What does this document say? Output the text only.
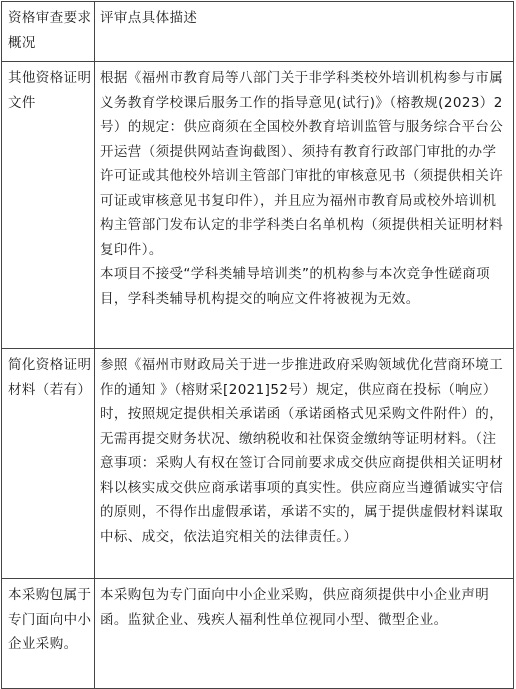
资格审查要求概况	评审点具体描述
其他资格证明文件	根据《福州市教育局等八部门关于非学科类校外培训机构参与市属义务教育学校课后服务工作的指导意见(试行)》（榕教规(2023）2号）的规定：供应商须在全国校外教育培训监管与服务综合平台公开运营（须提供网站查询截图）、须持有教育行政部门审批的办学许可证或其他校外培训主管部门审批的审核意见书（须提供相关许可证或审核意见书复印件），并且应为福州市教育局或校外培训机构主管部门发布认定的非学科类白名单机构（须提供相关证明材料复印件）。
本项目不接受“学科类辅导培训类”的机构参与本次竞争性磋商项目，学科类辅导机构提交的响应文件将被视为无效。

简化资格证明材料（若有）	参照《福州市财政局关于进一步推进政府采购领域优化营商环境工作的通知 》（榕财采[2021]52号）规定，供应商在投标（响应）时，按照规定提供相关承诺函（承诺函格式见采购文件附件）的，无需再提交财务状况、缴纳税收和社保资金缴纳等证明材料。（注意事项：采购人有权在签订合同前要求成交供应商提供相关证明材料以核实成交供应商承诺事项的真实性。供应商应当遵循诚实守信的原则，不得作出虚假承诺，承诺不实的，属于提供虚假材料谋取中标、成交，依法追究相关的法律责任。）

本采购包属于专门面向中小企业采购。	本采购包为专门面向中小企业采购，供应商须提供中小企业声明函。监狱企业、残疾人福利性单位视同小型、微型企业。
